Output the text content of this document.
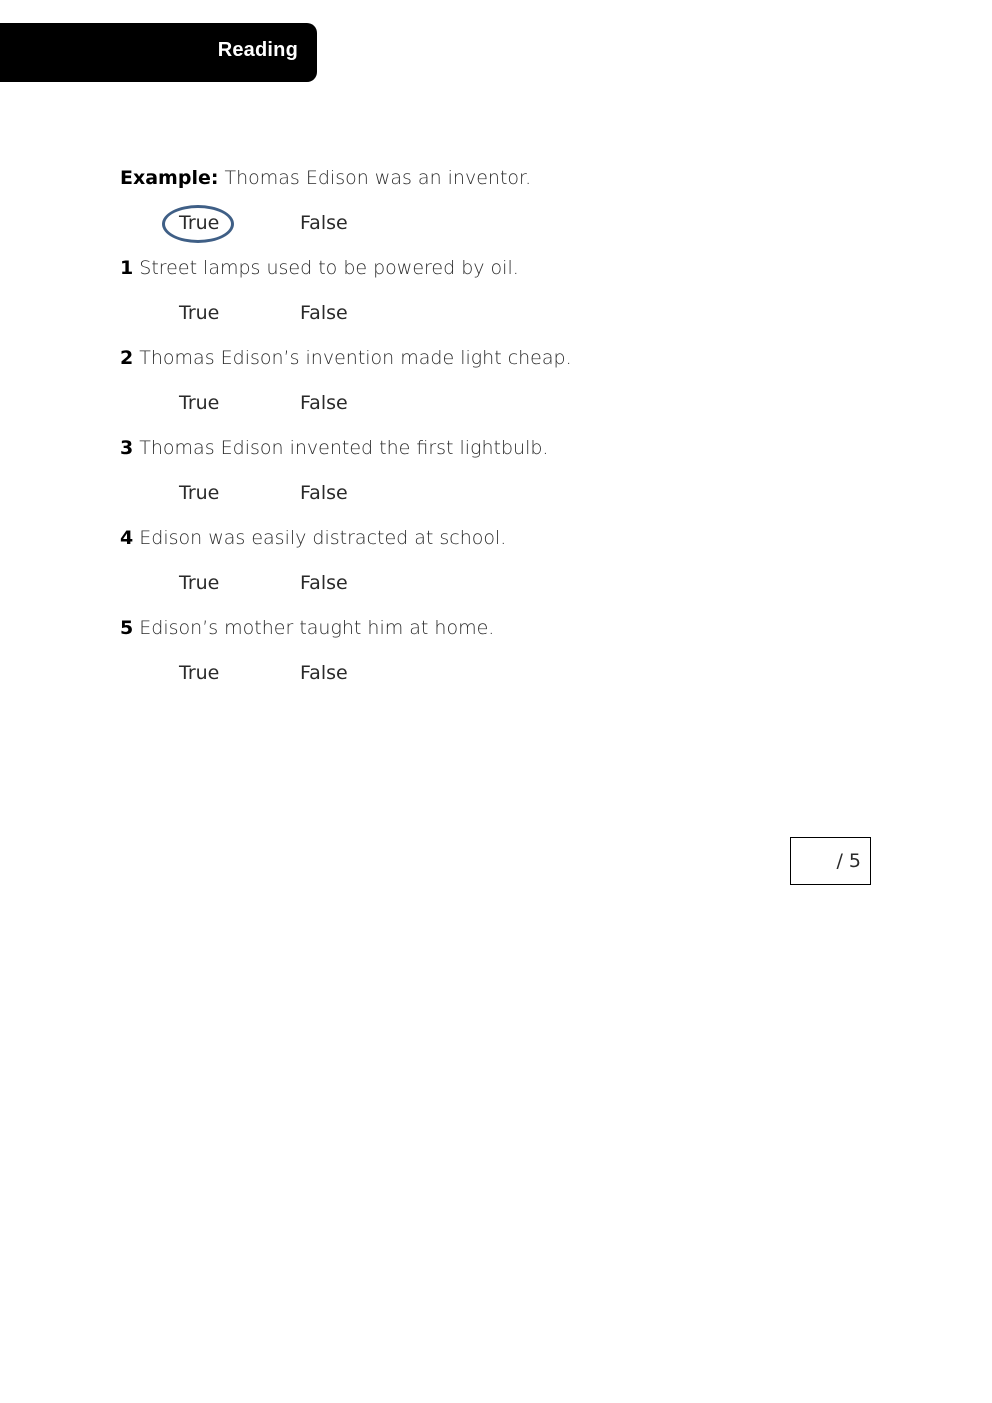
Reading
Example: Thomas Edison was an inventor.
True	False
1 Street lamps used to be powered by oil.
True	False
2 Thomas Edison’s invention made light cheap.
True	False
3 Thomas Edison invented the first lightbulb.
True	False
4 Edison was easily distracted at school.
True	False
5 Edison’s mother taught him at home.
True	False
/ 5
